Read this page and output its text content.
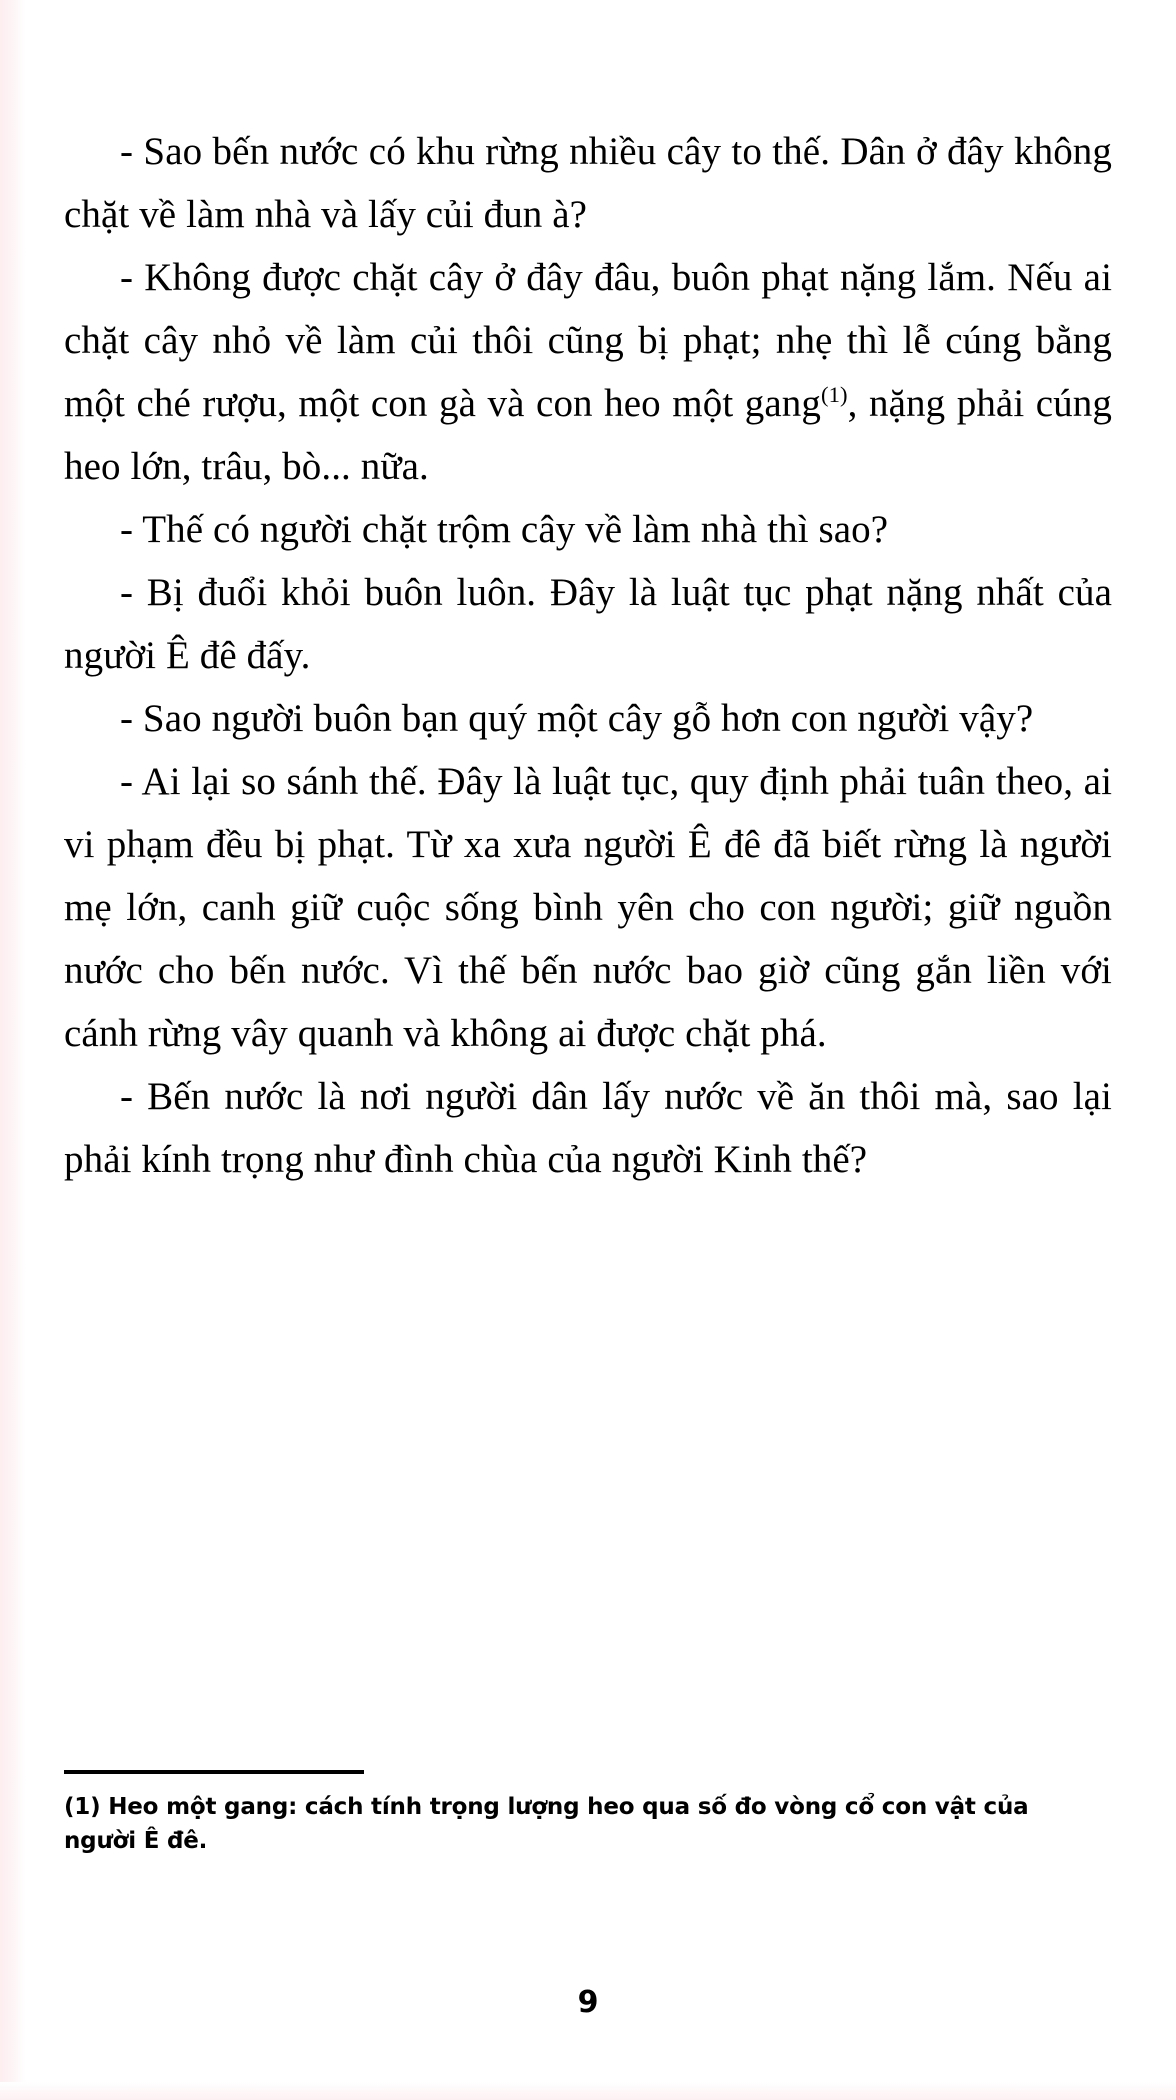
- Sao bến nước có khu rừng nhiều cây to thế. Dân ở đây không chặt về làm nhà và lấy củi đun à?

- Không được chặt cây ở đây đâu, buôn phạt nặng lắm. Nếu ai chặt cây nhỏ về làm củi thôi cũng bị phạt; nhẹ thì lễ cúng bằng một ché rượu, một con gà và con heo một gang$^{(1)}$, nặng phải cúng heo lớn, trâu, bò... nữa.

- Thế có người chặt trộm cây về làm nhà thì sao?

- Bị đuổi khỏi buôn luôn. Đây là luật tục phạt nặng nhất của người Ê đê đấy.

- Sao người buôn bạn quý một cây gỗ hơn con người vậy?

- Ai lại so sánh thế. Đây là luật tục, quy định phải tuân theo, ai vi phạm đều bị phạt. Từ xa xưa người Ê đê đã biết rừng là người mẹ lớn, canh giữ cuộc sống bình yên cho con người; giữ nguồn nước cho bến nước. Vì thế bến nước bao giờ cũng gắn liền với cánh rừng vây quanh và không ai được chặt phá.

- Bến nước là nơi người dân lấy nước về ăn thôi mà, sao lại phải kính trọng như đình chùa của người Kinh thế?

(1) Heo một gang: cách tính trọng lượng heo qua số đo vòng cổ con vật của người Ê đê.
9
